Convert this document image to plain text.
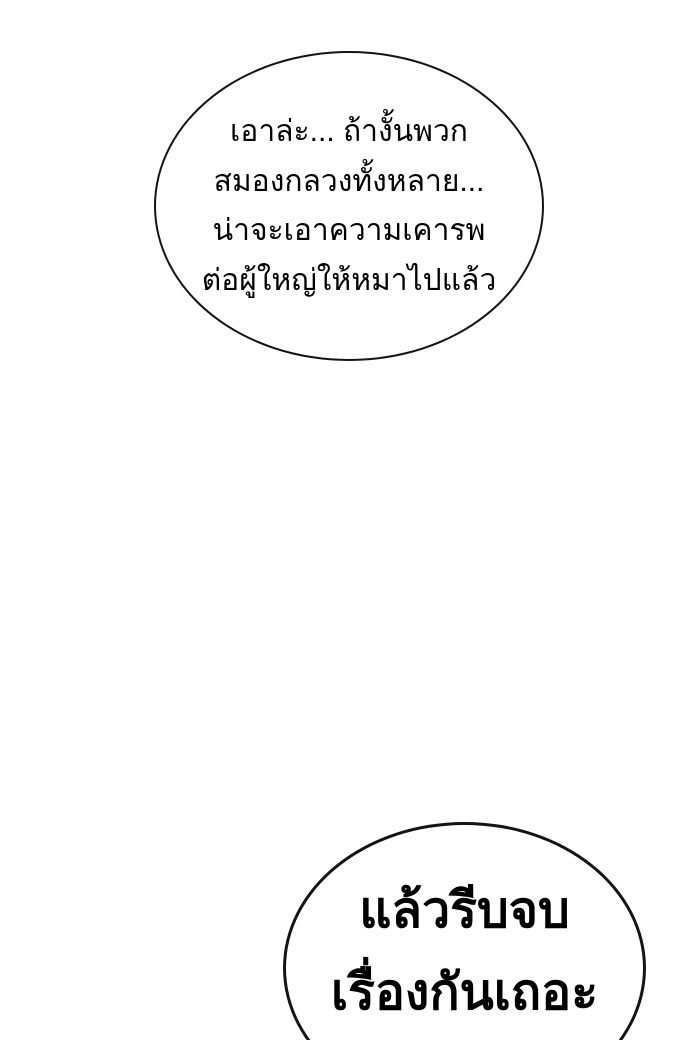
เอาล่ะ... ถ้างั้นพวก
สมองกลวงทั้งหลาย...
น่าจะเอาความเคารพ
ต่อผู้ใหญ่ให้หมาไปแล้ว
แล้วรีบจบ
เรื่องกันเถอะ
